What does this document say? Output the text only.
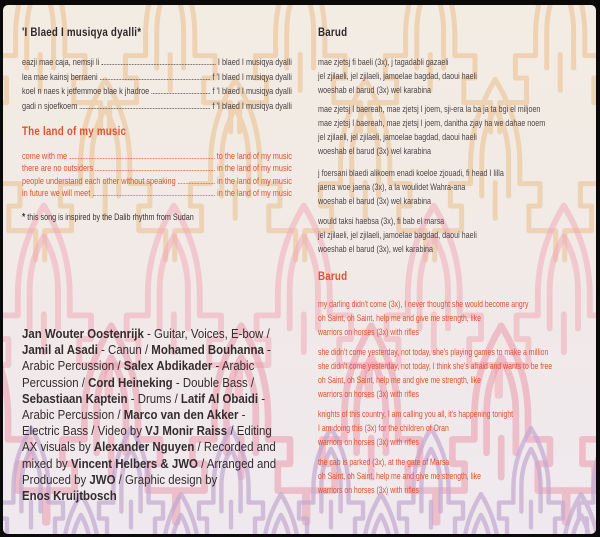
'I Blaed I musiqya dyalli*
eazji mae caja, nemsji li	I blaed I musiqya dyalli
lea mae kainsj berraeni	f 'I blaed I musiqya dyalli
koel n naes k jetfemmoe blae k jhadroe	f 'I blaed I musiqya dyalli
gadi n sjoefkoem	f 'I blaed I musiqya dyalli
The land of my music
come with me	to the land of my music
there are no outsiders	in the land of my music
people understand each other without speaking	in the land of my music
in future we will meet	in the land of my music

* this song is inspired by the Dalib rhythm from Sudan

Jan Wouter Oostenrijk - Guitar, Voices, E-bow /
Jamil al Asadi - Canun / Mohamed Bouhanna -
Arabic Percussion / Salex Abdikader - Arabic
Percussion / Cord Heineking - Double Bass /
Sebastiaan Kaptein - Drums / Latif Al Obaidi -
Arabic Percussion / Marco van den Akker -
Electric Bass / Video by VJ Monir Raiss / Editing
AX visuals by Alexander Nguyen / Recorded and
mixed by Vincent Helbers & JWO / Arranged and
Produced by JWO / Graphic design by
Enos Kruijtbosch
Barud
mae zjetsj fi baeli (3x), j tagadabli gazaeli
jel zjilaeli, jel zjilaeli, jamoelae bagdad, daoui haeli
woeshab el barud (3x) wel karabina
mae zjetsj I baereah, mae zjetsj I joem, sji-era la ba ja ta bgi el miljoen
mae zjetsj I baereah, mae zjetsj I joem, danitha zjay ha we dahae noem
jel zjilaeli, jel zjilaeli, jamoelae bagdad, daoui haeli
woeshab el barud (3x) wel karabina
j foersani blaedi alikoem enadi koeloe zjouadi, fi head I lilla
jaena woe jaena (3x), a la woulidet Wahra-ana
woeshab el barud (3x) wel karabina
would taksi haebsa (3x), fi bab el marsa
jel zjilaeli, jel zjilaeli, jamoelae bagdad, daoui haeli
woeshab el barud (3x), wel karabina
Barud
my darling didn't come (3x), I never thought she would become angry
oh Saint, oh Saint, help me and give me strength, like
warriors on horses (3x) with rifles
she didn't come yesterday, not today, she's playing games to make a million
she didn't come yesterday, not today, I think she's afraid and wants to be free
oh Saint, oh Saint, help me and give me strength, like
warriors on horses (3x) with rifles
knights of this country, I am calling you all, it's happening tonight
I am doing this (3x) for the children of Oran
warriors on horses (3x) with rifles
the cab is parked (3x), at the gate of Marsa
oh Saint, oh Saint, help me and give me strength, like
warriors on horses (3x) with rifles
